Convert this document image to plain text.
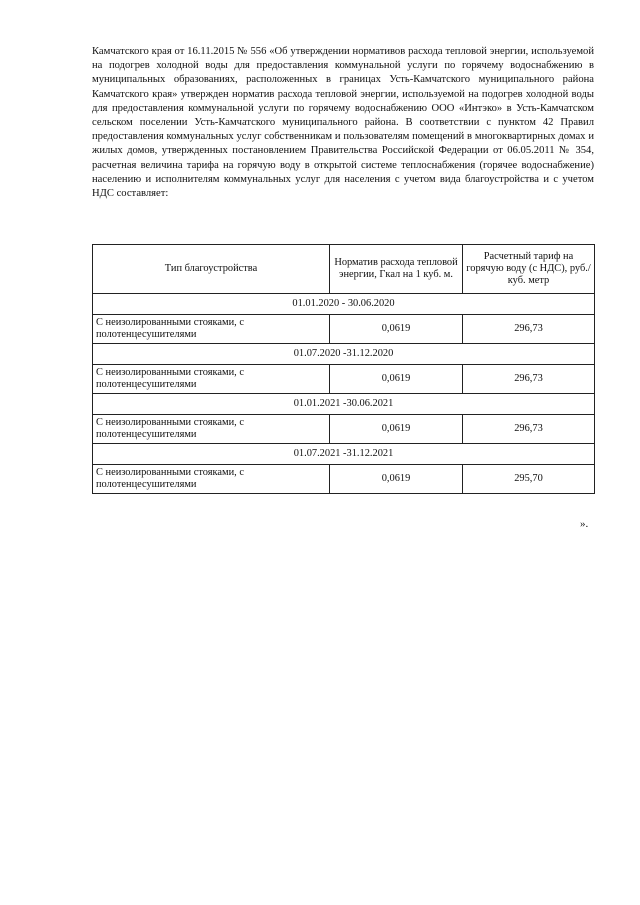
Камчатского края от 16.11.2015 № 556 «Об утверждении нормативов расхода тепловой энергии, используемой на подогрев холодной воды для предоставления коммунальной услуги по горячему водоснабжению в муниципальных образованиях, расположенных в границах Усть-Камчатского муниципального района Камчатского края» утвержден норматив расхода тепловой энергии, используемой на подогрев холодной воды для предоставления коммунальной услуги по горячему водоснабжению ООО «Интэко» в Усть-Камчатском сельском поселении Усть-Камчатского муниципального района. В соответствии с пунктом 42 Правил предоставления коммунальных услуг собственникам и пользователям помещений в многоквартирных домах и жилых домов, утвержденных постановлением Правительства Российской Федерации от 06.05.2011 № 354, расчетная величина тарифа на горячую воду в открытой системе теплоснабжения (горячее водоснабжение) населению и исполнителям коммунальных услуг для населения с учетом вида благоустройства и с учетом НДС составляет:

Тип благоустройства	Норматив расхода тепловой энергии, Гкал на 1 куб. м.	Расчетный тариф на горячую воду (с НДС), руб./куб. метр
01.01.2020 - 30.06.2020		
С неизолированными стояками, с полотенцесушителями	0,0619	296,73
01.07.2020 -31.12.2020		
С неизолированными стояками, с полотенцесушителями	0,0619	296,73
01.01.2021 -30.06.2021		
С неизолированными стояками, с полотенцесушителями	0,0619	296,73
01.07.2021 -31.12.2021		
С неизолированными стояками, с полотенцесушителями	0,0619	295,70
».
